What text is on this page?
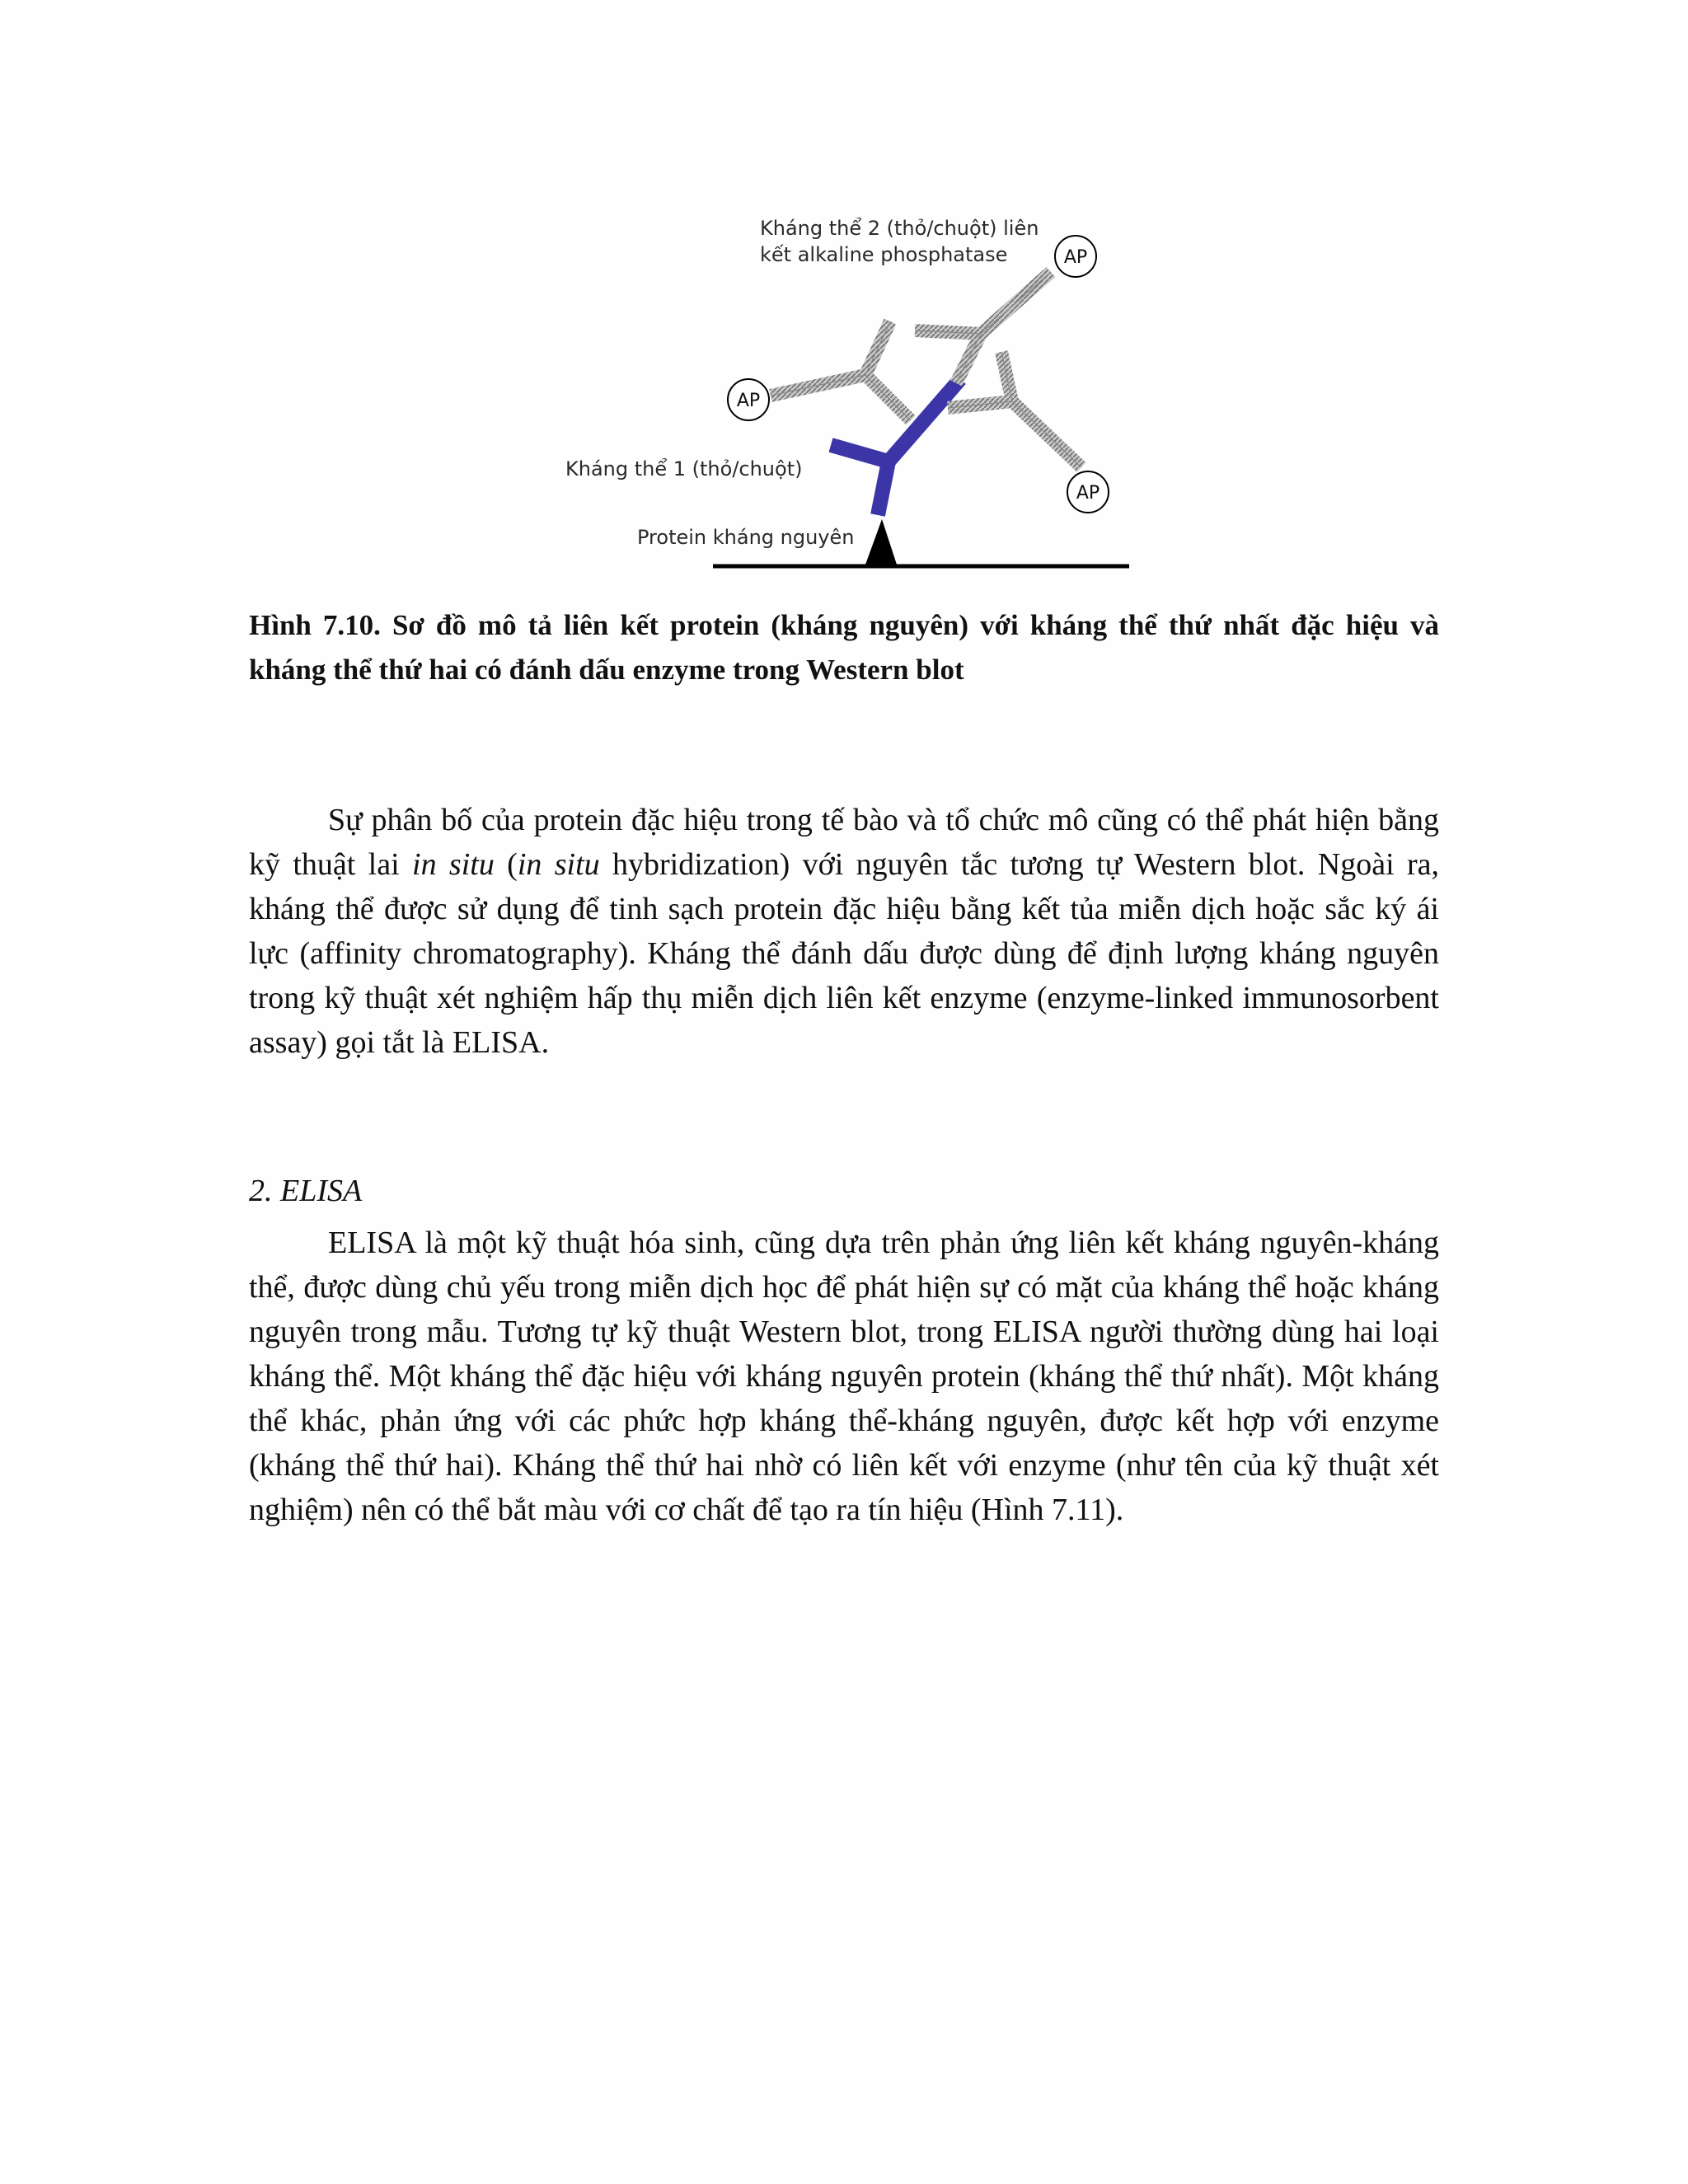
AP
AP
AP
Kháng thể 2 (thỏ/chuột) liên
kết alkaline phosphatase
Kháng thể 1 (thỏ/chuột)
Protein kháng nguyên
Hình 7.10. Sơ đồ mô tả liên kết protein (kháng nguyên) với kháng thể thứ nhất đặc hiệu và kháng thể thứ hai có đánh dấu enzyme trong Western blot

Sự phân bố của protein đặc hiệu trong tế bào và tổ chức mô cũng có thể phát hiện bằng kỹ thuật lai in situ (in situ hybridization) với nguyên tắc tương tự Western blot. Ngoài ra, kháng thể được sử dụng để tinh sạch protein đặc hiệu bằng kết tủa miễn dịch hoặc sắc ký ái lực (affinity chromatography). Kháng thể đánh dấu được dùng để định lượng kháng nguyên trong kỹ thuật xét nghiệm hấp thụ miễn dịch liên kết enzyme (enzyme-linked immunosorbent assay) gọi tắt là ELISA.

2. ELISA

ELISA là một kỹ thuật hóa sinh, cũng dựa trên phản ứng liên kết kháng nguyên-kháng thể, được dùng chủ yếu trong miễn dịch học để phát hiện sự có mặt của kháng thể hoặc kháng nguyên trong mẫu. Tương tự kỹ thuật Western blot, trong ELISA người thường dùng hai loại kháng thể. Một kháng thể đặc hiệu với kháng nguyên protein (kháng thể thứ nhất). Một kháng thể khác, phản ứng với các phức hợp kháng thể-kháng nguyên, được kết hợp với enzyme (kháng thể thứ hai). Kháng thể thứ hai nhờ có liên kết với enzyme (như tên của kỹ thuật xét nghiệm) nên có thể bắt màu với cơ chất để tạo ra tín hiệu (Hình 7.11).
